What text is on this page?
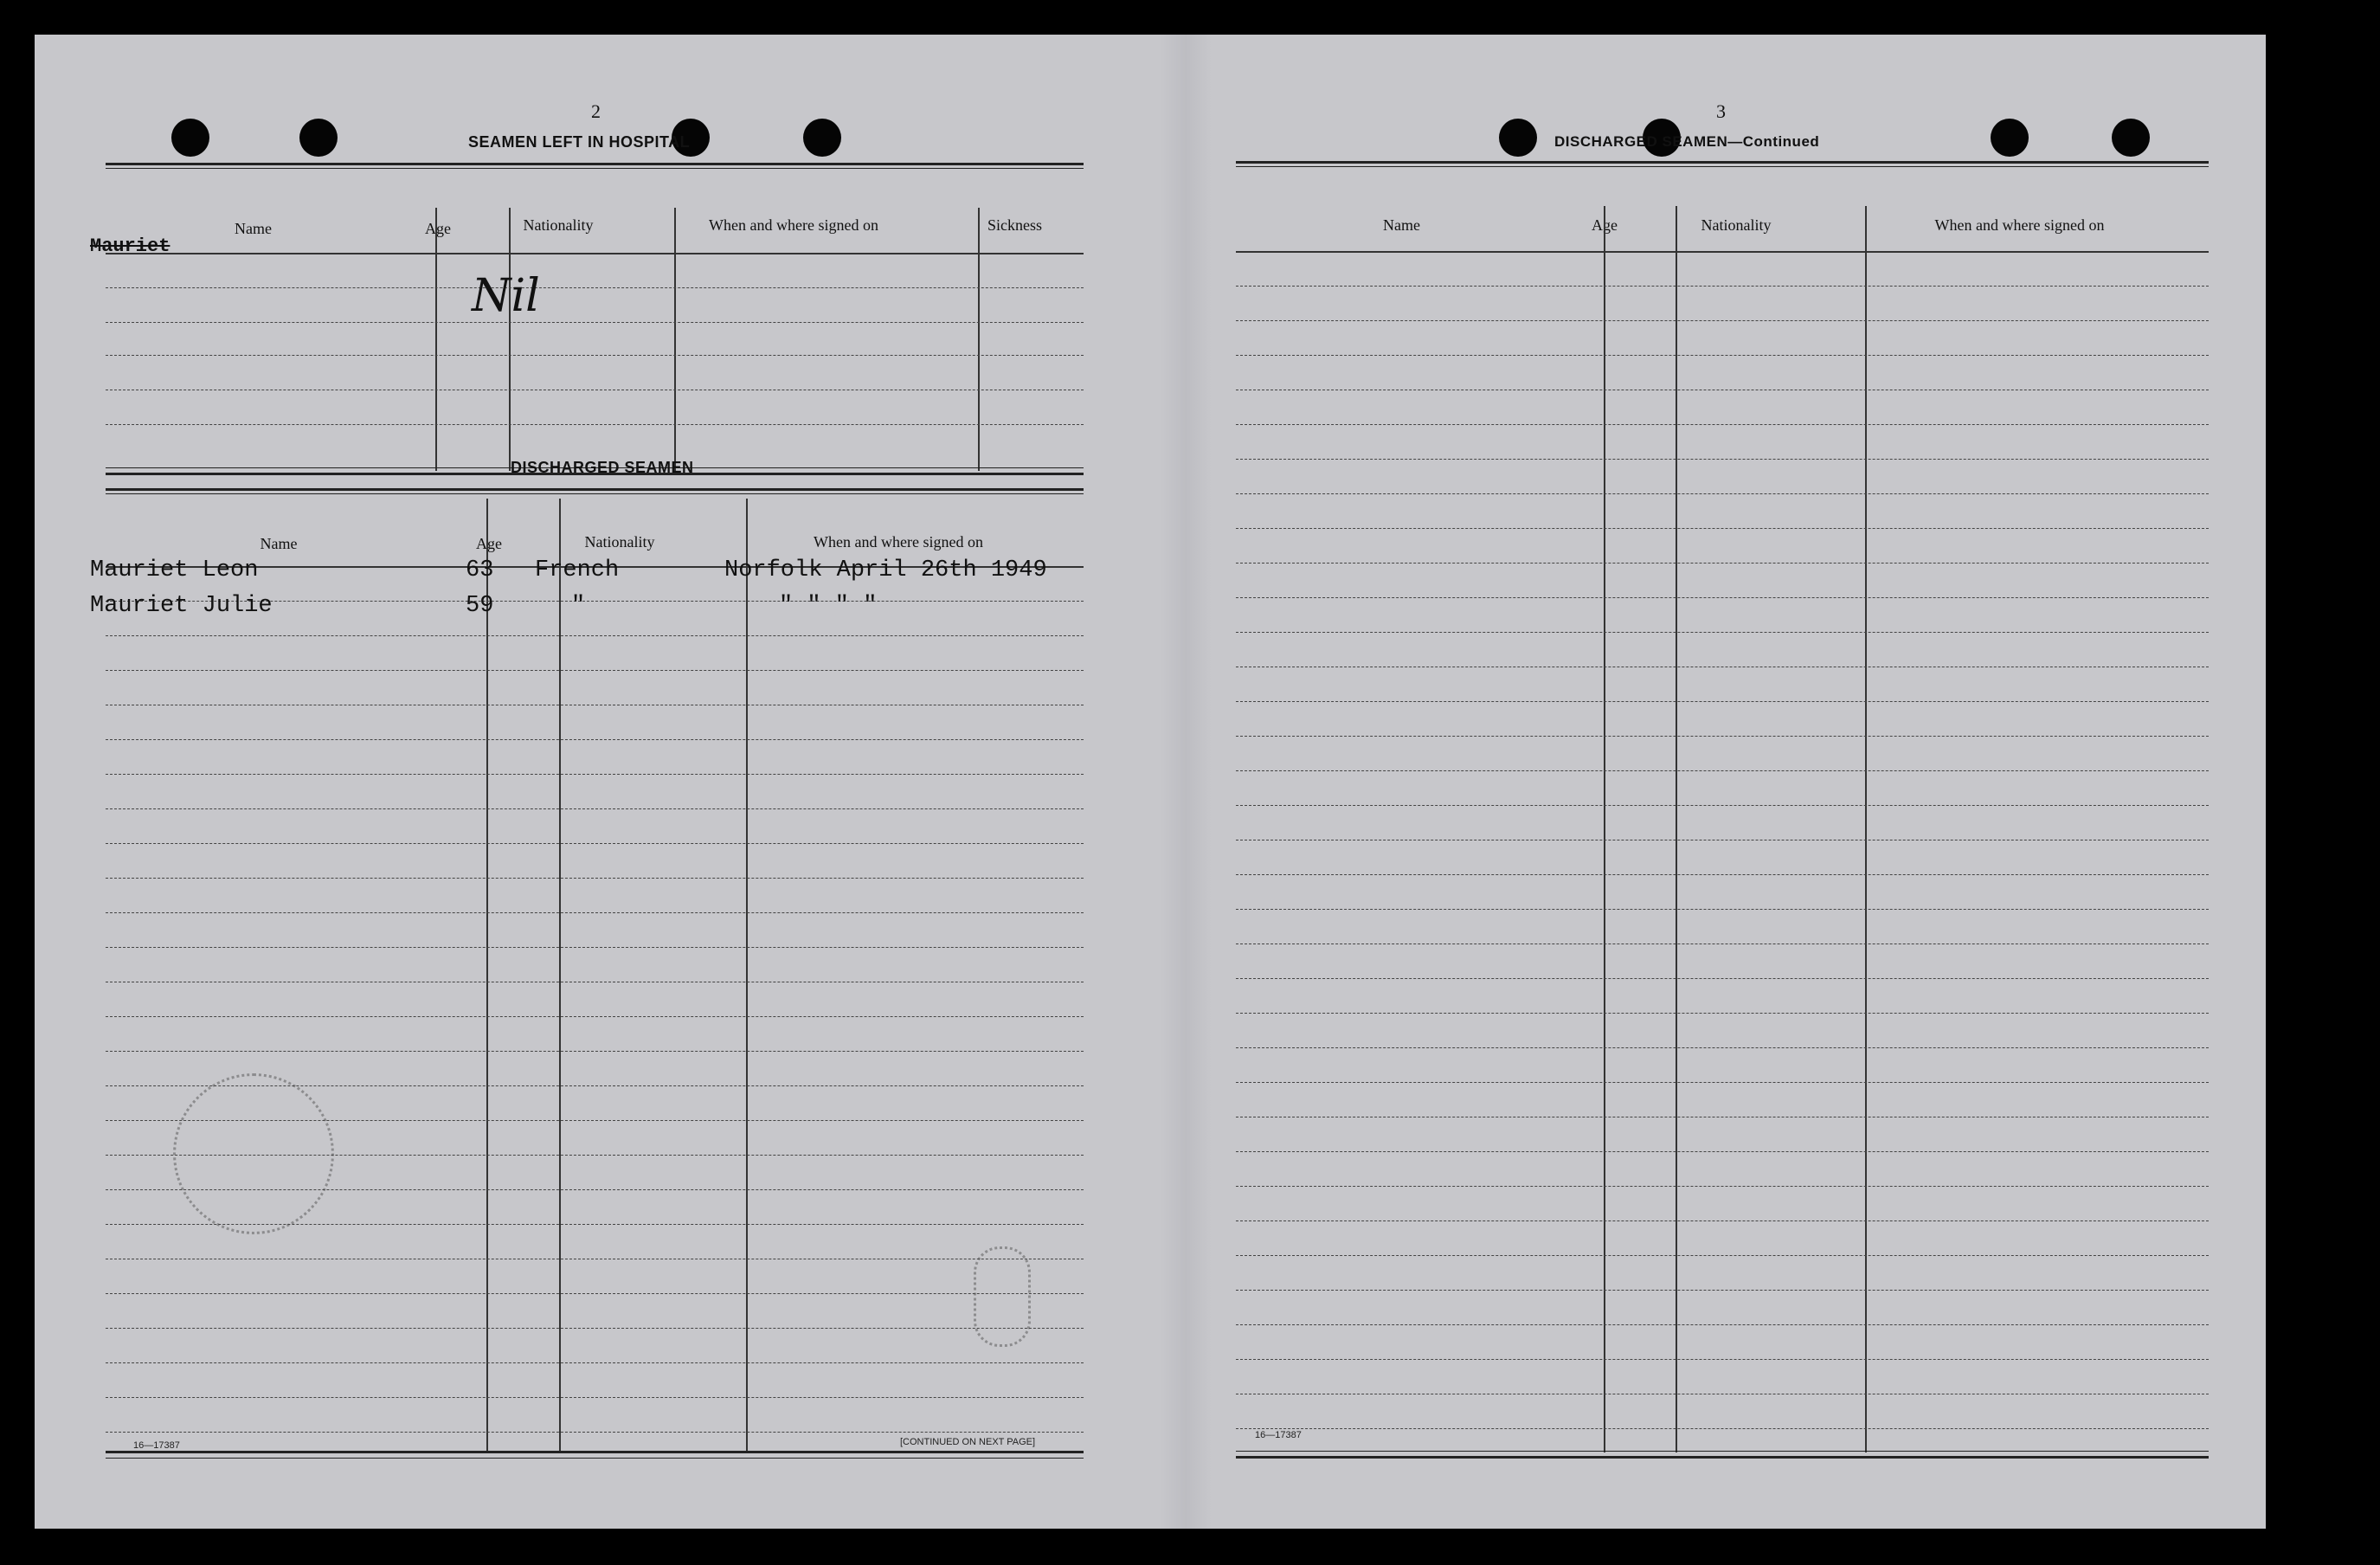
2
SEAMEN LEFT IN HOSPITAL
Name	Age	Nationality	When and where signed on	Sickness
Mauriet
Nil
DISCHARGED SEAMEN
Name	Age	Nationality	When and where signed on
Mauriet Leon	63 French	Norfolk April 26th 1949
Mauriet Julie	59	"	" " " "
16—17387	[CONTINUED ON NEXT PAGE]
3
DISCHARGED SEAMEN—Continued
Name	Age	Nationality	When and where signed on
16—17387
